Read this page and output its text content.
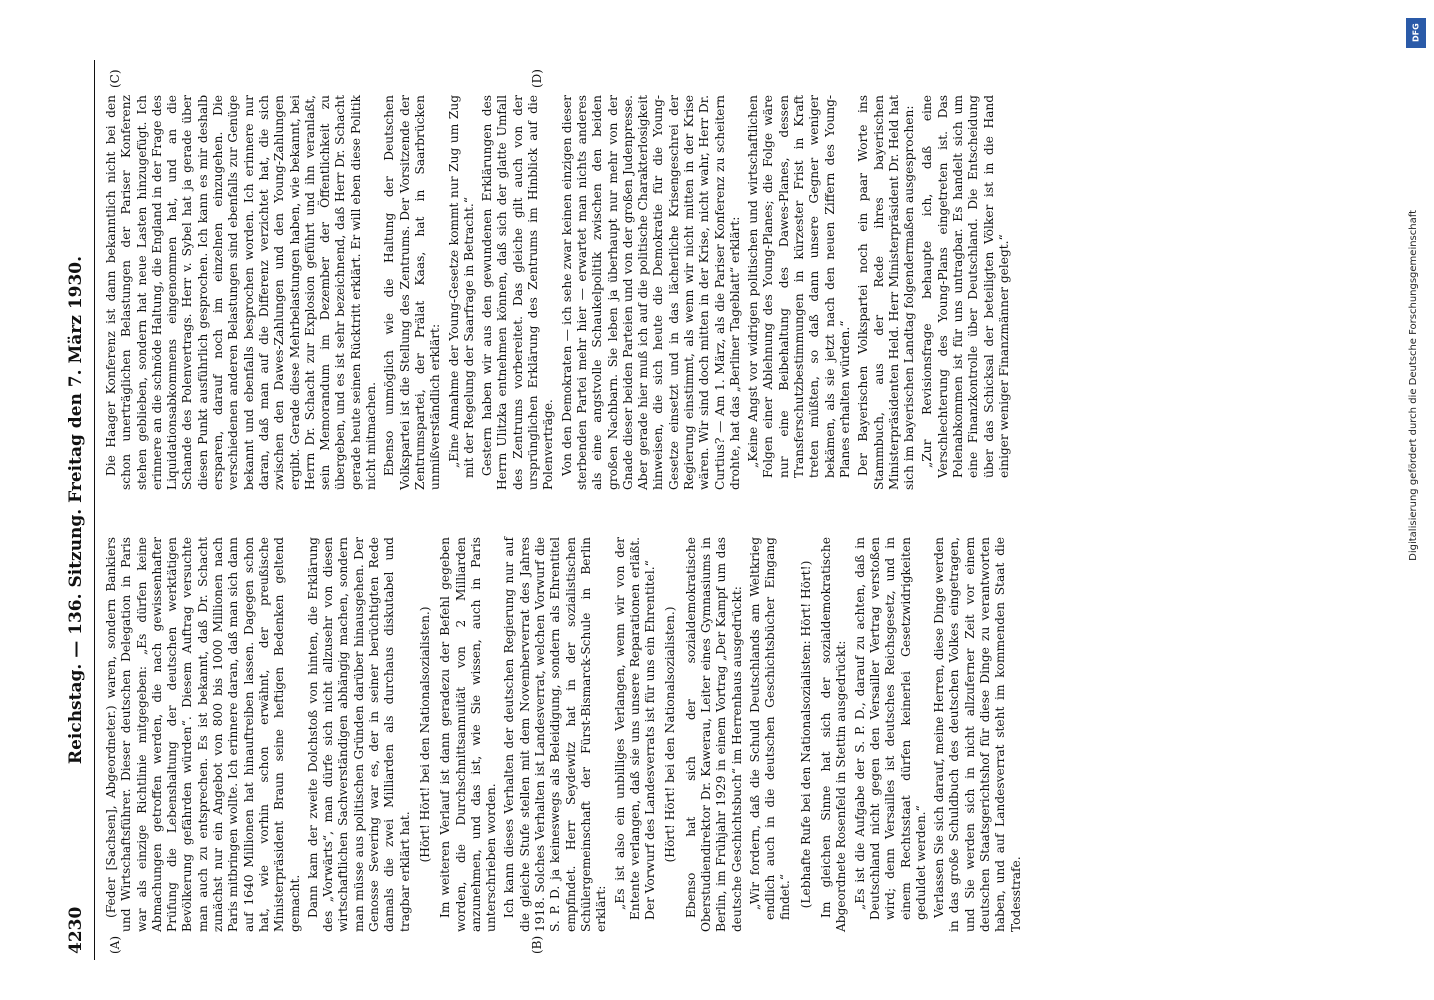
4230
Reichstag. — 136. Sitzung. Freitag den 7. März 1930. (Feder [Sachsen], Abgeordneter.) waren, sondern Bankiers und Wirtschaftsführer. Dieser deutschen Delegation in Paris war als einzige Richtlinie mitgegeben: „Es dürfen keine Abmachungen getroffen werden, die nach gewissenhafter Prüfung die Lebenshaltung der deutschen werktätigen Bevölkerung gefährden würden“. Diesem Auftrag versuchte man auch zu entsprechen. Es ist bekannt, daß Dr. Schacht zunächst nur ein Angebot von 800 bis 1000 Millionen nach Paris mitbringen wollte. Ich erinnere daran, daß man sich dann auf 1640 Millionen hat hinauftreiben lassen. Dagegen schon hat, wie vorhin schon erwähnt, der preußische Ministerpräsident Braun seine heftigen Bedenken geltend gemacht. Dann kam der zweite Dolchstoß von hinten, die Erklärung des „Vorwärts“, man dürfe sich nicht allzusehr von diesen wirtschaftlichen Sachverständigen abhängig machen, sondern man müsse aus politischen Gründen darüber hinausgehen. Der Genosse Severing war es, der in seiner berüchtigten Rede damals die zwei Milliarden als durchaus diskutabel und tragbar erklärt hat.

(Hört! Hört! bei den Nationalsozialisten.) Im weiteren Verlauf ist dann geradezu der Befehl gegeben worden, die Durchschnittsannuität von 2 Milliarden anzunehmen, und das ist, wie Sie wissen, auch in Paris unterschrieben worden. Ich kann dieses Verhalten der deutschen Regierung nur auf die gleiche Stufe stellen mit dem Novemberverrat des Jahres 1918. Solches Verhalten ist Landesverrat, welchen Vorwurf die S. P. D. ja keineswegs als Beleidigung, sondern als Ehrentitel empfindet. Herr Seydewitz hat in der sozialistischen Schülergemeinschaft der Fürst-Bismarck-Schule in Berlin erklärt: „Es ist also ein unbilliges Verlangen, wenn wir von der Entente verlangen, daß sie uns unsere Reparationen erläßt. Der Vorwurf des Landesverrats ist für uns ein Ehrentitel.“ (Hört! Hört! bei den Nationalsozialisten.) Ebenso hat sich der sozialdemokratische Oberstudiendirektor Dr. Kawerau, Leiter eines Gymnasiums in Berlin, im Frühjahr 1929 in einem Vortrag „Der Kampf um das deutsche Geschichtsbuch“ im Herrenhaus ausgedrückt: „Wir fordern, daß die Schuld Deutschlands am Weltkrieg endlich auch in die deutschen Geschichtsbücher Eingang findet.“ (Lebhafte Rufe bei den Nationalsozialisten: Hört! Hört!) Im gleichen Sinne hat sich der sozialdemokratische Abgeordnete Rosenfeld in Stettin ausgedrückt: „Es ist die Aufgabe der S. P. D., darauf zu achten, daß in Deutschland nicht gegen den Versailler Vertrag verstoßen wird; denn Versailles ist deutsches Reichsgesetz, und in einem Rechtsstaat dürfen keinerlei Gesetzwidrigkeiten geduldet werden.“ Verlassen Sie sich darauf, meine Herren, diese Dinge werden in das große Schuldbuch des deutschen Volkes eingetragen, und Sie werden sich in nicht allzuferner Zeit vor einem deutschen Staatsgerichtshof für diese Dinge zu verantworten haben, und auf Landesverrat steht im kommenden Staat die Todesstrafe.

Die Haager Konferenz ist dann bekanntlich nicht bei den schon unerträglichen Belastungen der Pariser Konferenz stehen geblieben, sondern hat neue Lasten hinzugefügt. Ich erinnere an die schnöde Haltung, die England in der Frage des Liquidationsabkommens eingenommen hat, und an die Schande des Polenvertrags. Herr v. Sybel hat ja gerade über diesen Punkt ausführlich gesprochen. Ich kann es mir deshalb ersparen, darauf noch im einzelnen einzugehen. Die verschiedenen anderen Belastungen sind ebenfalls zur Genüge bekannt und ebenfalls besprochen worden. Ich erinnere nur daran, daß man auf die Differenz verzichtet hat, die sich zwischen den Dawes-Zahlungen und den Young-Zahlungen ergibt. Gerade diese Mehrbelastungen haben, wie bekannt, bei Herrn Dr. Schacht zur Explosion geführt und ihn veranlaßt, sein Memorandum im Dezember der Öffentlichkeit zu übergeben, und es ist sehr bezeichnend, daß Herr Dr. Schacht gerade heute seinen Rücktritt erklärt. Er will eben diese Politik nicht mitmachen. Ebenso unmöglich wie die Haltung der Deutschen Volkspartei ist die Stellung des Zentrums. Der Vorsitzende der Zentrumspartei, der Prälat Kaas, hat in Saarbrücken unmißverständlich erklärt: „Eine Annahme der Young-Gesetze kommt nur Zug um Zug mit der Regelung der Saarfrage in Betracht.“ Gestern haben wir aus den gewundenen Erklärungen des Herrn Ulitzka entnehmen können, daß sich der glatte Umfall des Zentrums vorbereitet. Das gleiche gilt auch von der ursprünglichen Erklärung des Zentrums im Hinblick auf die Polenverträge. Von den Demokraten — ich sehe zwar keinen einzigen dieser sterbenden Partei mehr hier — erwartet man nichts anderes als eine angstvolle Schaukelpolitik zwischen den beiden großen Nachbarn. Sie leben ja überhaupt nur mehr von der Gnade dieser beiden Parteien und von der großen Judenpresse. Aber gerade hier muß ich auf die politische Charakterlosigkeit hinweisen, die sich heute die Demokratie für die Young-Gesetze einsetzt und in das lächerliche Krisengeschrei der Regierung einstimmt, als wenn wir nicht mitten in der Krise wären. Wir sind doch mitten in der Krise, nicht wahr, Herr Dr. Curtius? — Am 1. März, als die Pariser Konferenz zu scheitern drohte, hat das „Berliner Tageblatt“ erklärt: „Keine Angst vor widrigen politischen und wirtschaftlichen Folgen einer Ablehnung des Young-Planes; die Folge wäre nur eine Beibehaltung des Dawes-Planes, dessen Transferschutzbestimmungen in kürzester Frist in Kraft treten müßten, so daß dann unsere Gegner weniger bekämen, als sie jetzt nach den neuen Ziffern des Young-Planes erhalten würden.“ Der Bayerischen Volkspartei noch ein paar Worte ins Stammbuch, aus der Rede ihres bayerischen Ministerpräsidenten Held. Herr Ministerpräsident Dr. Held hat sich im bayerischen Landtag folgendermaßen ausgesprochen: „Zur Revisionsfrage behaupte ich, daß eine Verschlechterung des Young-Plans eingetreten ist. Das Polenabkommen ist für uns untragbar. Es handelt sich um eine Finanzkontrolle über Deutschland. Die Entscheidung über das Schicksal der beteiligten Völker ist in die Hand einiger weniger Finanzmänner gelegt.“

(A)	(B)
(C)	(D)
DFG
Digitalisierung gefördert durch die Deutsche Forschungsgemeinschaft
